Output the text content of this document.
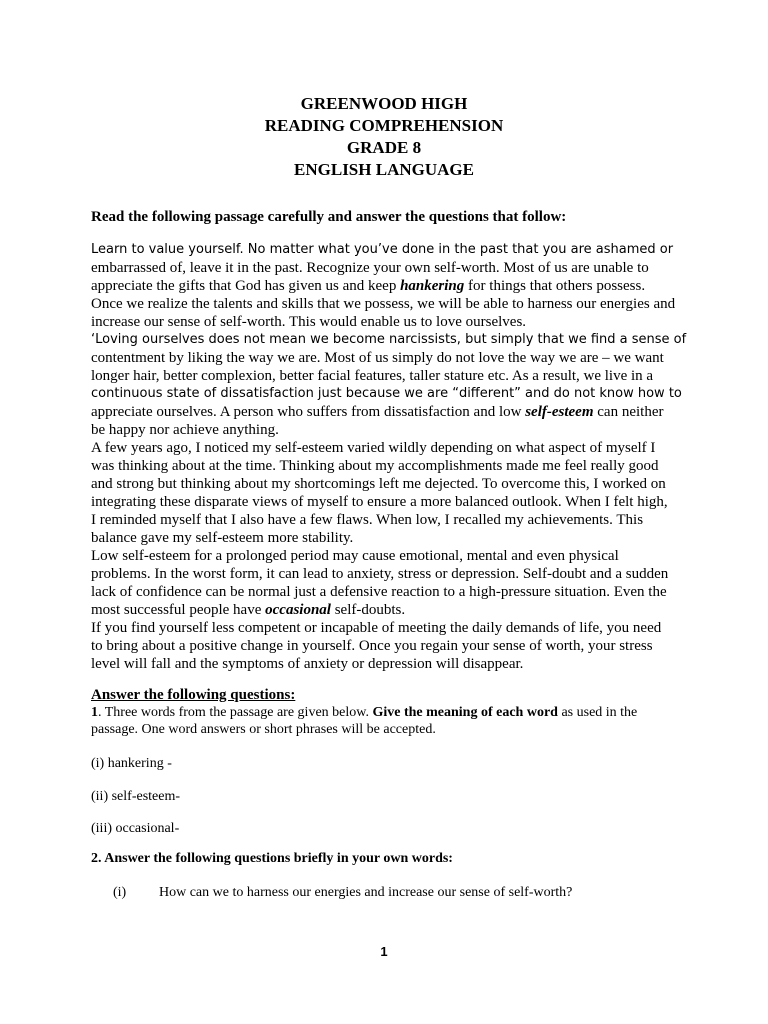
GREENWOOD HIGH
READING COMPREHENSION
GRADE 8
ENGLISH LANGUAGE
Read the following passage carefully and answer the questions that follow:
Learn to value yourself. No matter what you’ve done in the past that you are ashamed or
embarrassed of, leave it in the past. Recognize your own self-worth. Most of us are unable to
appreciate the gifts that God has given us and keep hankering for things that others possess.
Once we realize the talents and skills that we possess, we will be able to harness our energies and
increase our sense of self-worth. This would enable us to love ourselves.
‘Loving ourselves does not mean we become narcissists, but simply that we find a sense of
contentment by liking the way we are. Most of us simply do not love the way we are – we want
longer hair, better complexion, better facial features, taller stature etc. As a result, we live in a
continuous state of dissatisfaction just because we are “different” and do not know how to
appreciate ourselves. A person who suffers from dissatisfaction and low self-esteem can neither
be happy nor achieve anything.
A few years ago, I noticed my self-esteem varied wildly depending on what aspect of myself I
was thinking about at the time. Thinking about my accomplishments made me feel really good
and strong but thinking about my shortcomings left me dejected. To overcome this, I worked on
integrating these disparate views of myself to ensure a more balanced outlook. When I felt high,
I reminded myself that I also have a few flaws. When low, I recalled my achievements. This
balance gave my self-esteem more stability.
Low self-esteem for a prolonged period may cause emotional, mental and even physical
problems. In the worst form, it can lead to anxiety, stress or depression. Self-doubt and a sudden
lack of confidence can be normal just a defensive reaction to a high-pressure situation. Even the
most successful people have occasional self-doubts.
If you find yourself less competent or incapable of meeting the daily demands of life, you need
to bring about a positive change in yourself. Once you regain your sense of worth, your stress
level will fall and the symptoms of anxiety or depression will disappear.
Answer the following questions:
1. Three words from the passage are given below. Give the meaning of each word as used in the
passage. One word answers or short phrases will be accepted.
(i) hankering -
(ii) self-esteem-
(iii) occasional-
2. Answer the following questions briefly in your own words:
(i) How can we to harness our energies and increase our sense of self-worth?
1
